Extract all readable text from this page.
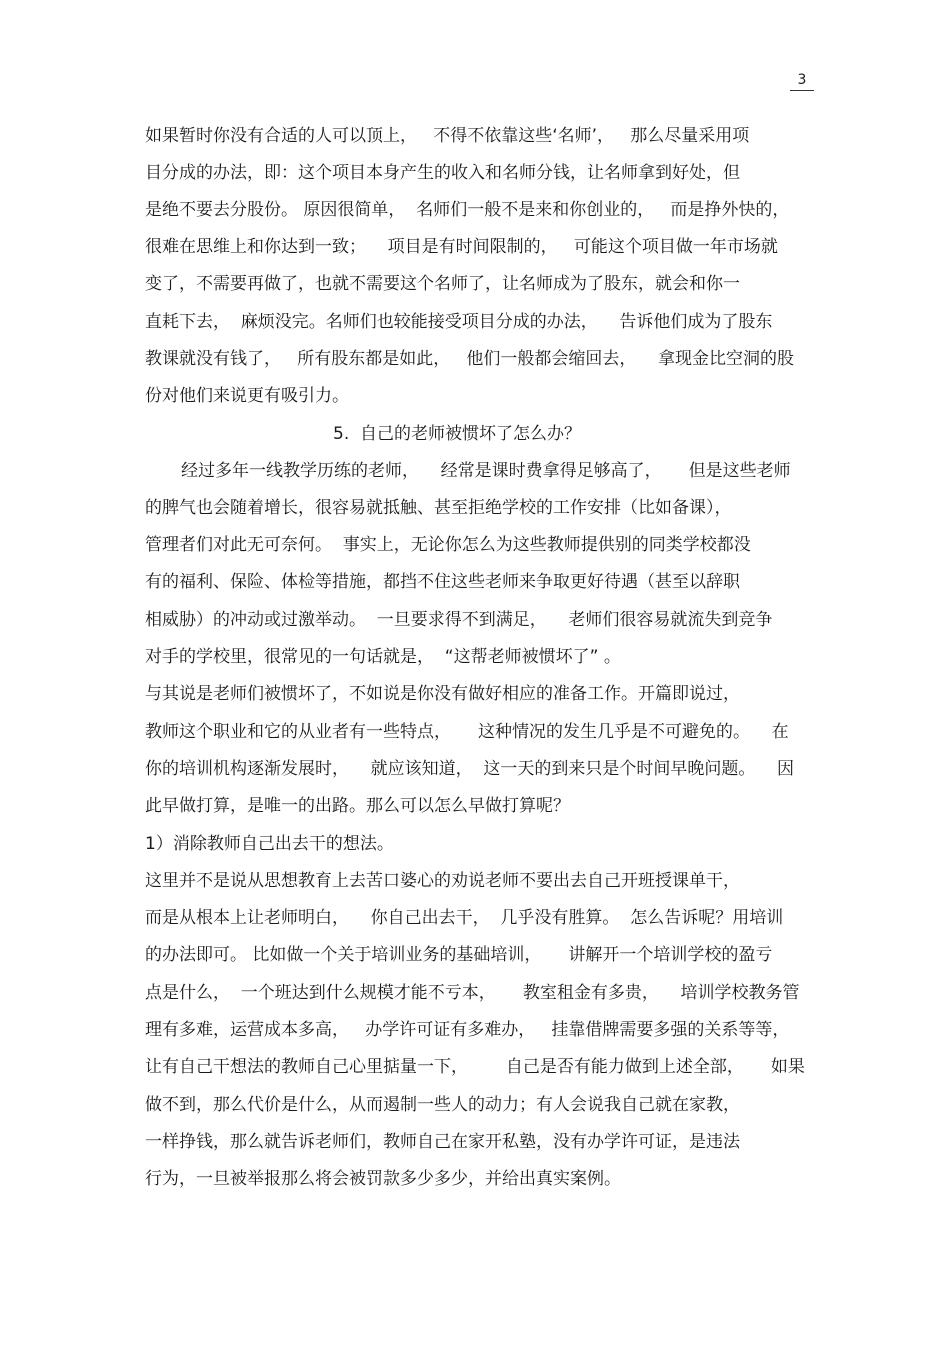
3
如果暂时你没有合适的人可以顶上，   不得不依靠这些‘名师’，   那么尽量采用项
目分成的办法，即：这个项目本身产生的收入和名师分钱，让名师拿到好处，但
是绝不要去分股份。 原因很简单，  名师们一般不是来和你创业的，   而是挣外快的，
很难在思维上和你达到一致；    项目是有时间限制的，   可能这个项目做一年市场就
变了，不需要再做了，也就不需要这个名师了，让名师成为了股东，就会和你一
直耗下去，  麻烦没完。名师们也较能接受项目分成的办法，    告诉他们成为了股东
教课就没有钱了，   所有股东都是如此，   他们一般都会缩回去，    拿现金比空洞的股
份对他们来说更有吸引力。
5.  自己的老师被惯坏了怎么办？
经过多年一线教学历练的老师，    经常是课时费拿得足够高了，     但是这些老师
的脾气也会随着增长，很容易就抵触、甚至拒绝学校的工作安排（比如备课），
管理者们对此无可奈何。  事实上，无论你怎么为这些教师提供别的同类学校都没
有的福利、保险、体检等措施，都挡不住这些老师来争取更好待遇（甚至以辞职
相威胁）的冲动或过激举动。  一旦要求得不到满足，    老师们很容易就流失到竞争
对手的学校里，很常见的一句话就是，  “这帮老师被惯坏了” 。
与其说是老师们被惯坏了，不如说是你没有做好相应的准备工作。开篇即说过，
教师这个职业和它的从业者有一些特点，     这种情况的发生几乎是不可避免的。    在
你的培训机构逐渐发展时，    就应该知道，  这一天的到来只是个时间早晚问题。    因
此早做打算，是唯一的出路。那么可以怎么早做打算呢？
1）消除教师自己出去干的想法。
这里并不是说从思想教育上去苦口婆心的劝说老师不要出去自己开班授课单干，
而是从根本上让老师明白，    你自己出去干，  几乎没有胜算。  怎么告诉呢？用培训
的办法即可。 比如做一个关于培训业务的基础培训，     讲解开一个培训学校的盈亏
点是什么，  一个班达到什么规模才能不亏本，     教室租金有多贵，    培训学校教务管
理有多难，运营成本多高，   办学许可证有多难办，   挂靠借牌需要多强的关系等等，
让有自己干想法的教师自己心里掂量一下，       自己是否有能力做到上述全部，     如果
做不到，那么代价是什么，从而遏制一些人的动力；有人会说我自己就在家教，
一样挣钱，那么就告诉老师们，教师自己在家开私塾，没有办学许可证，是违法
行为，一旦被举报那么将会被罚款多少多少，并给出真实案例。
